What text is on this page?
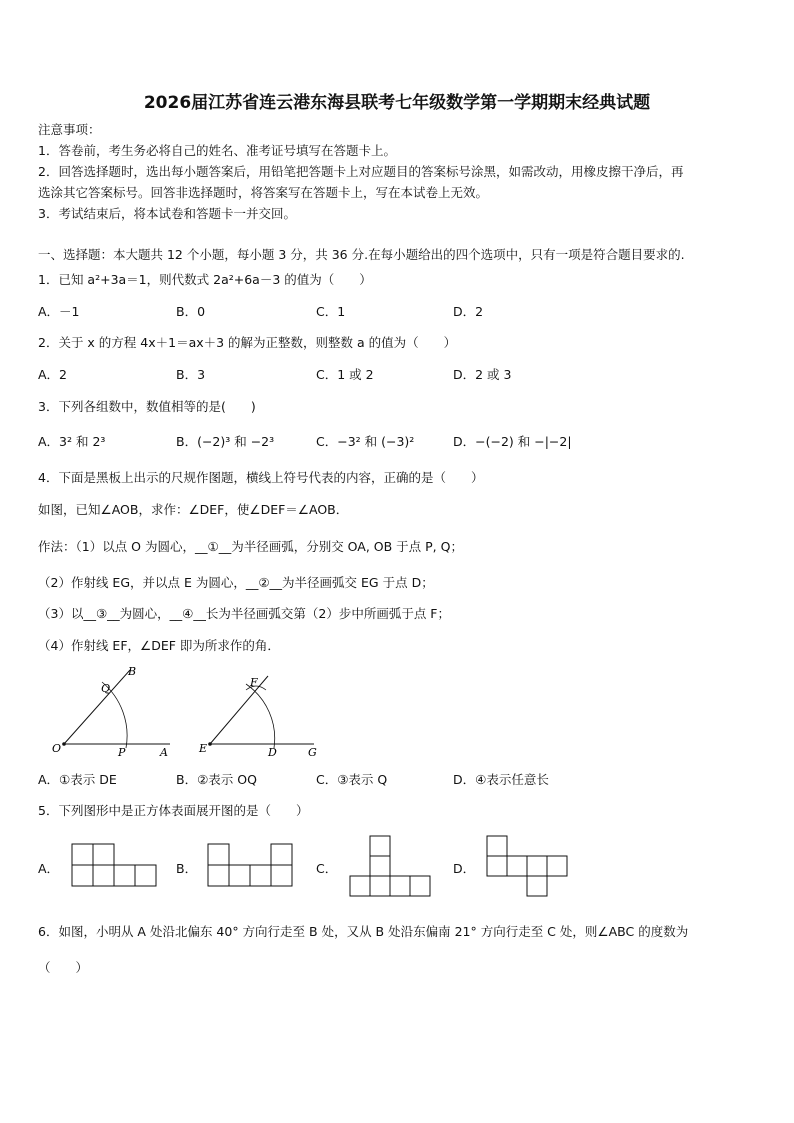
2026届江苏省连云港东海县联考七年级数学第一学期期末经典试题
注意事项：
1．答卷前，考生务必将自己的姓名、准考证号填写在答题卡上。
2．回答选择题时，选出每小题答案后，用铅笔把答题卡上对应题目的答案标号涂黑，如需改动，用橡皮擦干净后，再
选涂其它答案标号。回答非选择题时，将答案写在答题卡上，写在本试卷上无效。
3．考试结束后，将本试卷和答题卡一并交回。
一、选择题：本大题共 12 个小题，每小题 3 分，共 36 分.在每小题给出的四个选项中，只有一项是符合题目要求的.
1．已知 a²+3a＝1，则代数式 2a²+6a－3 的值为（　　）
A．－1	B．0	C．1	D．2
2．关于 x 的方程 4x＋1＝ax＋3 的解为正整数，则整数 a 的值为（　　）
A．2	B．3	C．1 或 2	D．2 或 3
3．下列各组数中，数值相等的是(　　)
A．3² 和 2³	B．(−2)³ 和 −2³	C．−3² 和 (−3)²	D．−(−2) 和 −|−2|
4．下面是黑板上出示的尺规作图题，横线上符号代表的内容，正确的是（　　）
如图，已知∠AOB，求作：∠DEF，使∠DEF＝∠AOB．
作法：（1）以点 O 为圆心，__①__为半径画弧，分别交 OA, OB 于点 P, Q；
（2）作射线 EG，并以点 E 为圆心，__②__为半径画弧交 EG 于点 D；
（3）以__③__为圆心，__④__长为半径画弧交第（2）步中所画弧于点 F；
（4）作射线 EF，∠DEF 即为所求作的角．
B
Q
O	P	A
F
E	D	G
A．①表示 DE	B．②表示 OQ	C．③表示 Q	D．④表示任意长
5．下列图形中是正方体表面展开图的是（　　）
A．	B．	C．	D．
6．如图，小明从 A 处沿北偏东 40° 方向行走至 B 处，又从 B 处沿东偏南 21° 方向行走至 C 处，则∠ABC 的度数为
（　　）
